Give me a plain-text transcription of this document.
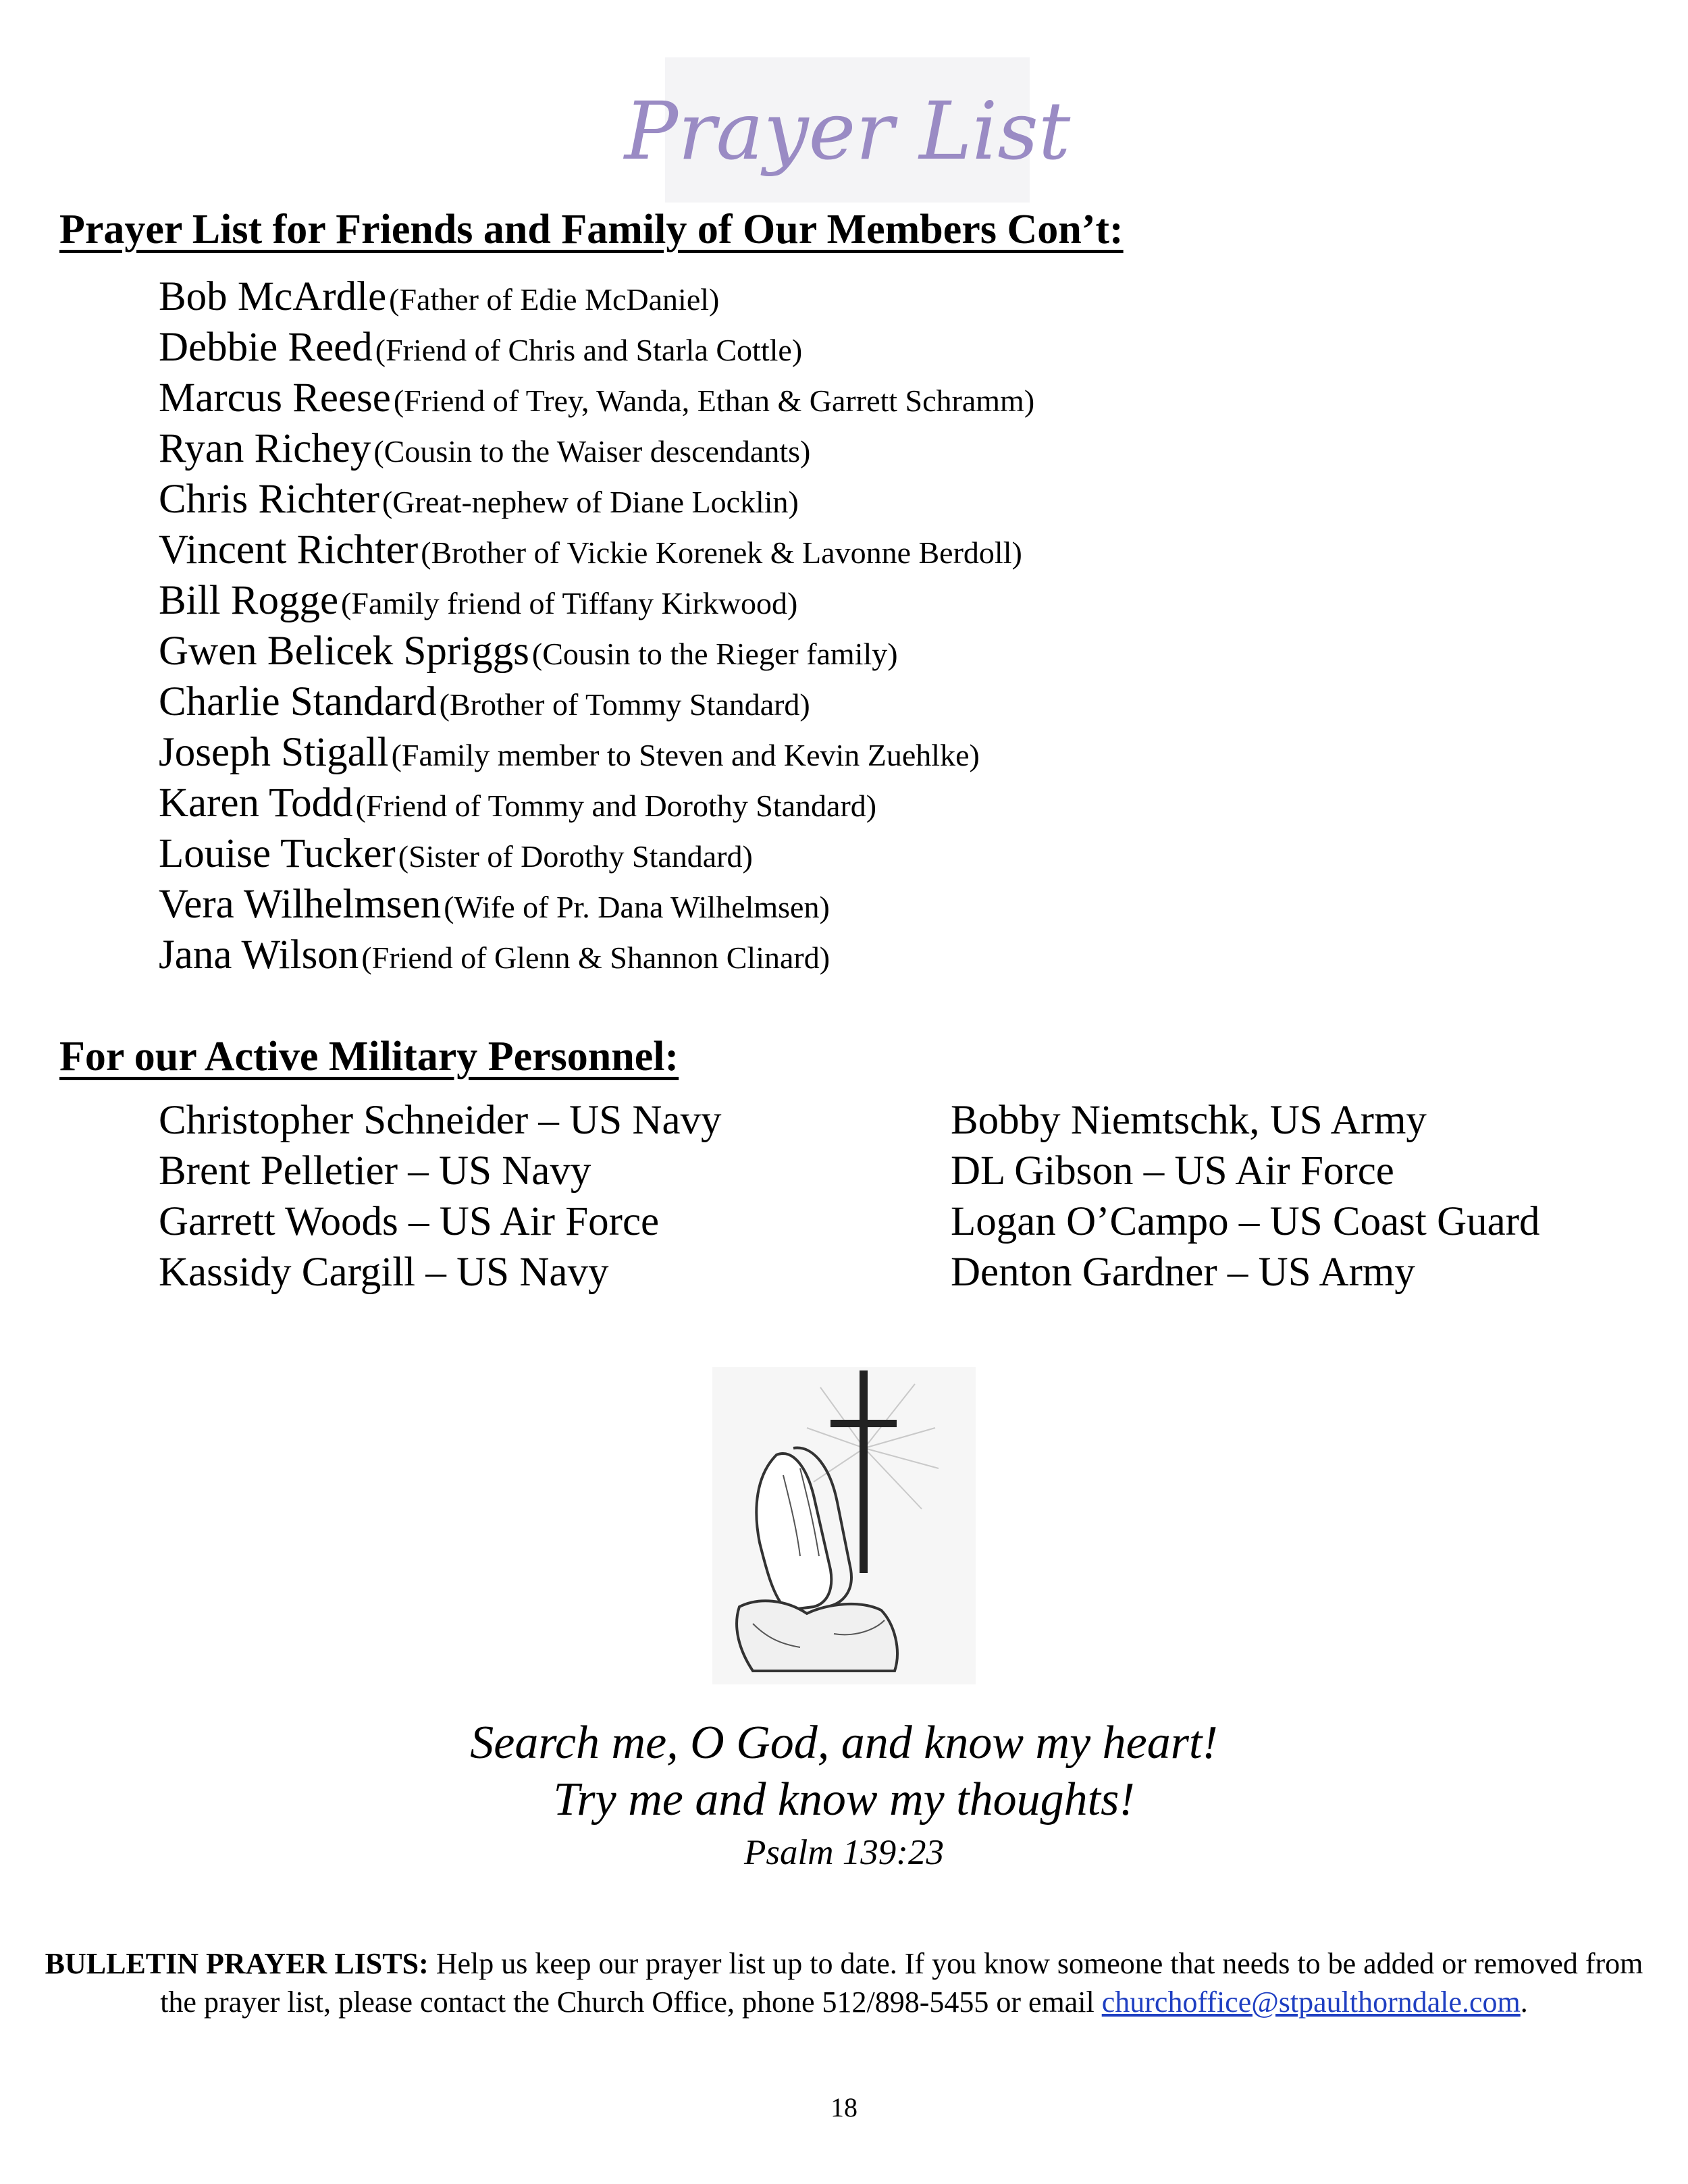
Prayer List
Prayer List for Friends and Family of Our Members Con’t:
Bob McArdle (Father of Edie McDaniel)
Debbie Reed (Friend of Chris and Starla Cottle)
Marcus Reese (Friend of Trey, Wanda, Ethan & Garrett Schramm)
Ryan Richey (Cousin to the Waiser descendants)
Chris Richter (Great-nephew of Diane Locklin)
Vincent Richter (Brother of Vickie Korenek & Lavonne Berdoll)
Bill Rogge (Family friend of Tiffany Kirkwood)
Gwen Belicek Spriggs (Cousin to the Rieger family)
Charlie Standard (Brother of Tommy Standard)
Joseph Stigall (Family member to Steven and Kevin Zuehlke)
Karen Todd (Friend of Tommy and Dorothy Standard)
Louise Tucker (Sister of Dorothy Standard)
Vera Wilhelmsen (Wife of Pr. Dana Wilhelmsen)
Jana Wilson (Friend of Glenn & Shannon Clinard)
For our Active Military Personnel:
Christopher Schneider – US Navy
Brent Pelletier – US Navy
Garrett Woods – US Air Force
Kassidy Cargill – US Navy
Bobby Niemtschk, US Army
DL Gibson – US Air Force
Logan O’Campo – US Coast Guard
Denton Gardner – US Army

Search me, O God, and know my heart!

Try me and know my thoughts!

Psalm 139:23

BULLETIN PRAYER LISTS: Help us keep our prayer list up to date. If you know someone that needs to be added or removed from the prayer list, please contact the Church Office, phone 512/898-5455 or email churchoffice@stpaulthorndale.com.

18
